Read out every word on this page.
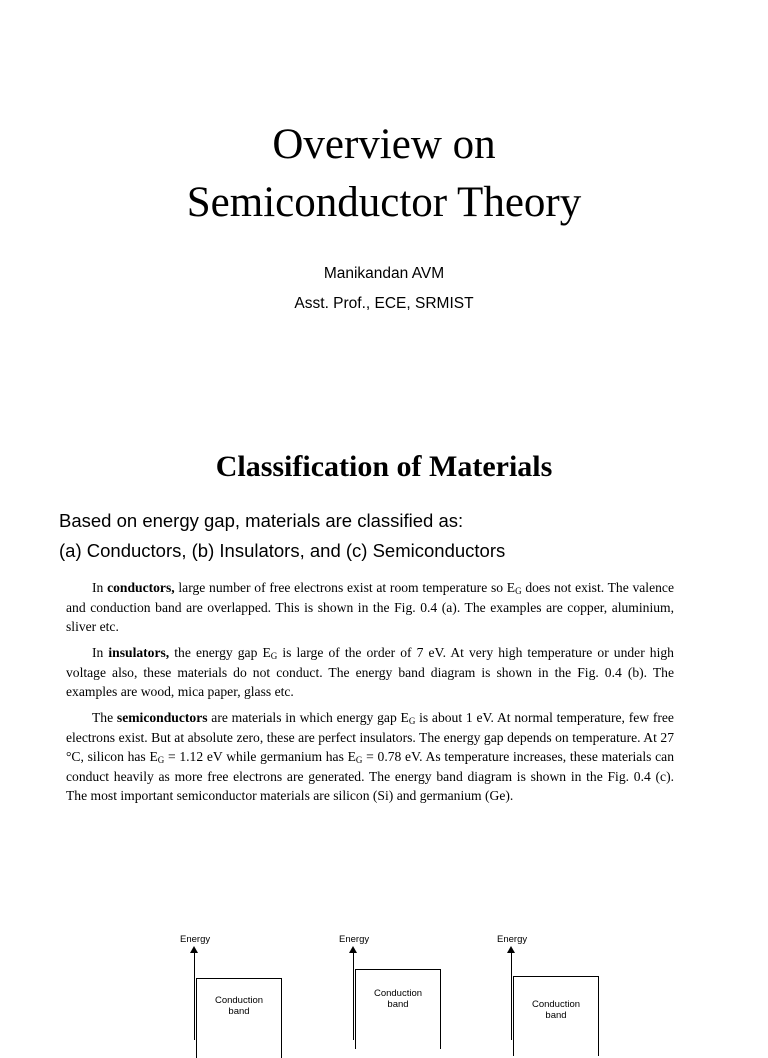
Overview on
Semiconductor Theory
Manikandan AVM
Asst. Prof., ECE, SRMIST
Classification of Materials
Based on energy gap, materials are classified as:
(a) Conductors, (b) Insulators, and (c) Semiconductors

In conductors, large number of free electrons exist at room temperature so $E_G$ does not exist. The valence and conduction band are overlapped. This is shown in the Fig. 0.4 (a). The examples are copper, aluminium, sliver etc.

In insulators, the energy gap $E_G$ is large of the order of 7 eV. At very high temperature or under high voltage also, these materials do not conduct. The energy band diagram is shown in the Fig. 0.4 (b). The examples are wood, mica paper, glass etc.

The semiconductors are materials in which energy gap $E_G$ is about 1 eV. At normal temperature, few free electrons exist. But at absolute zero, these are perfect insulators. The energy gap depends on temperature. At 27 °C, silicon has $E_G = 1.12$ eV while germanium has $E_G = 0.78$ eV. As temperature increases, these materials can conduct heavily as more free electrons are generated. The energy band diagram is shown in the Fig. 0.4 (c). The most important semiconductor materials are silicon (Si) and germanium (Ge).

Energy
Conduction
band
Energy
Conduction
band
Energy
Conduction
band
